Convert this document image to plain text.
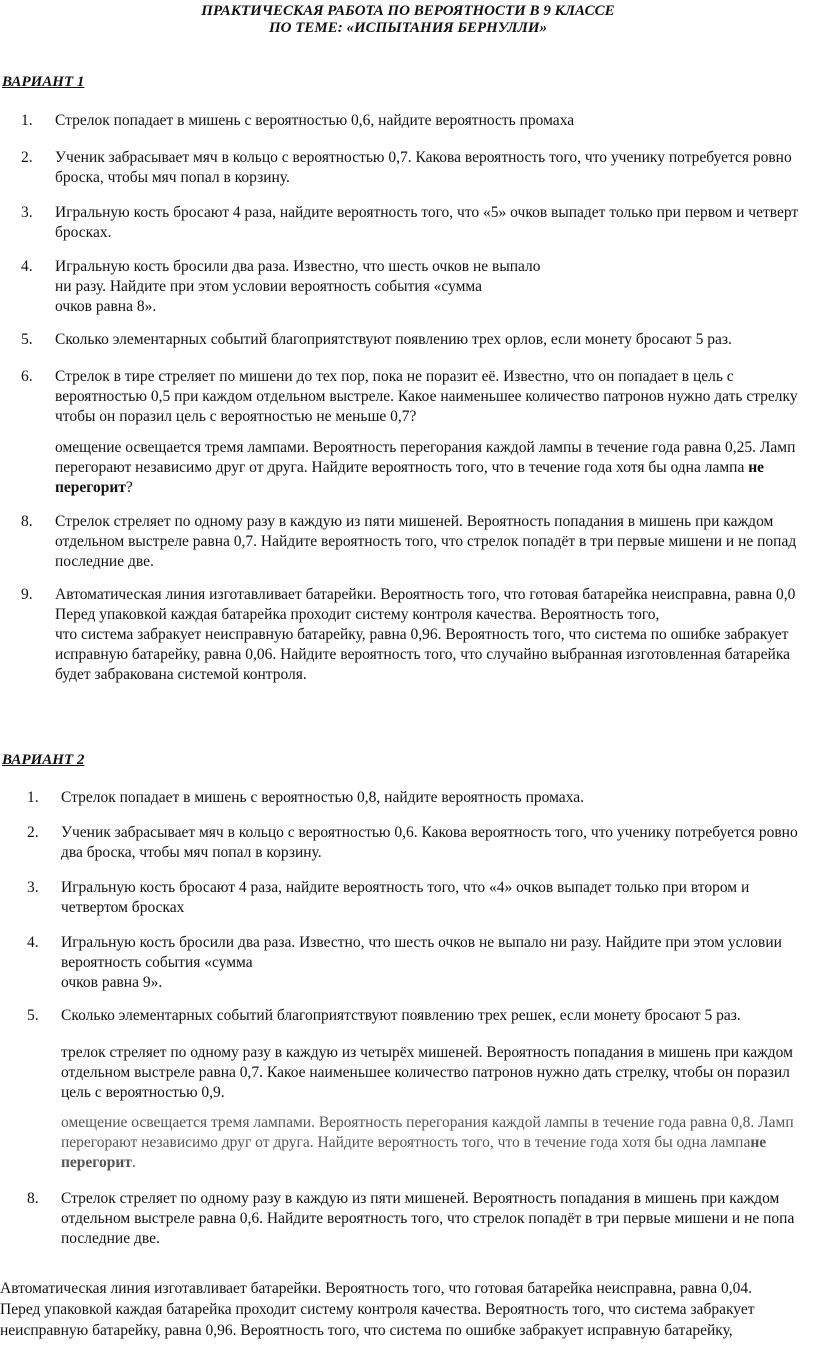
ПРАКТИЧЕСКАЯ РАБОТА ПО ВЕРОЯТНОСТИ В 9 КЛАССЕ
ПО ТЕМЕ: «ИСПЫТАНИЯ БЕРНУЛЛИ»
ВАРИАНТ 1
1. Стрелок попадает в мишень с вероятностью 0,6, найдите вероятность промаха
2. Ученик забрасывает мяч в кольцо с вероятностью 0,7. Какова вероятность того, что ученику потребуется ровно
броска, чтобы мяч попал в корзину.
3. Игральную кость бросают 4 раза, найдите вероятность того, что «5» очков выпадет только при первом и четверт
бросках.
4. Игральную кость бросили два раза. Известно, что шесть очков не выпало
ни разу. Найдите при этом условии вероятность события «сумма
очков равна 8».
5. Сколько элементарных событий благоприятствуют появлению трех орлов, если монету бросают 5 раз.
6. Стрелок в тире стреляет по мишени до тех пор, пока не поразит её. Известно, что он попадает в цель с
вероятностью 0,5 при каждом отдельном выстреле. Какое наименьшее количество патронов нужно дать стрелку
чтобы он поразил цель с вероятностью не меньше 0,7?
омещение освещается тремя лампами. Вероятность перегорания каждой лампы в течение года равна 0,25. Ламп
перегорают независимо друг от друга. Найдите вероятность того, что в течение года хотя бы одна лампа не
перегорит?
8. Стрелок стреляет по одному разу в каждую из пяти мишеней. Вероятность попадания в мишень при каждом
отдельном выстреле равна 0,7. Найдите вероятность того, что стрелок попадёт в три первые мишени и не попад
последние две.
9. Автоматическая линия изготавливает батарейки. Вероятность того, что готовая батарейка неисправна, равна 0,0
Перед упаковкой каждая батарейка проходит систему контроля качества. Вероятность того,
что система забракует неисправную батарейку, равна 0,96. Вероятность того, что система по ошибке забракует
исправную батарейку, равна 0,06. Найдите вероятность того, что случайно выбранная изготовленная батарейка
будет забракована системой контроля.
ВАРИАНТ 2
1. Стрелок попадает в мишень с вероятностью 0,8, найдите вероятность промаха.
2. Ученик забрасывает мяч в кольцо с вероятностью 0,6. Какова вероятность того, что ученику потребуется ровно
два броска, чтобы мяч попал в корзину.
3. Игральную кость бросают 4 раза, найдите вероятность того, что «4» очков выпадет только при втором и
четвертом бросках
4. Игральную кость бросили два раза. Известно, что шесть очков не выпало ни разу. Найдите при этом условии
вероятность события «сумма
очков равна 9».
5. Сколько элементарных событий благоприятствуют появлению трех решек, если монету бросают 5 раз.
трелок стреляет по одному разу в каждую из четырёх мишеней. Вероятность попадания в мишень при каждом
отдельном выстреле равна 0,7. Какое наименьшее количество патронов нужно дать стрелку, чтобы он поразил
цель с вероятностью 0,9.
омещение освещается тремя лампами. Вероятность перегорания каждой лампы в течение года равна 0,8. Ламп
перегорают независимо друг от друга. Найдите вероятность того, что в течение года хотя бы одна лампане
перегорит.
8. Стрелок стреляет по одному разу в каждую из пяти мишеней. Вероятность попадания в мишень при каждом
отдельном выстреле равна 0,6. Найдите вероятность того, что стрелок попадёт в три первые мишени и не попа
последние две.
Автоматическая линия изготавливает батарейки. Вероятность того, что готовая батарейка неисправна, равна 0,04.
Перед упаковкой каждая батарейка проходит систему контроля качества. Вероятность того, что система забракует
неисправную батарейку, равна 0,96. Вероятность того, что система по ошибке забракует исправную батарейку,
